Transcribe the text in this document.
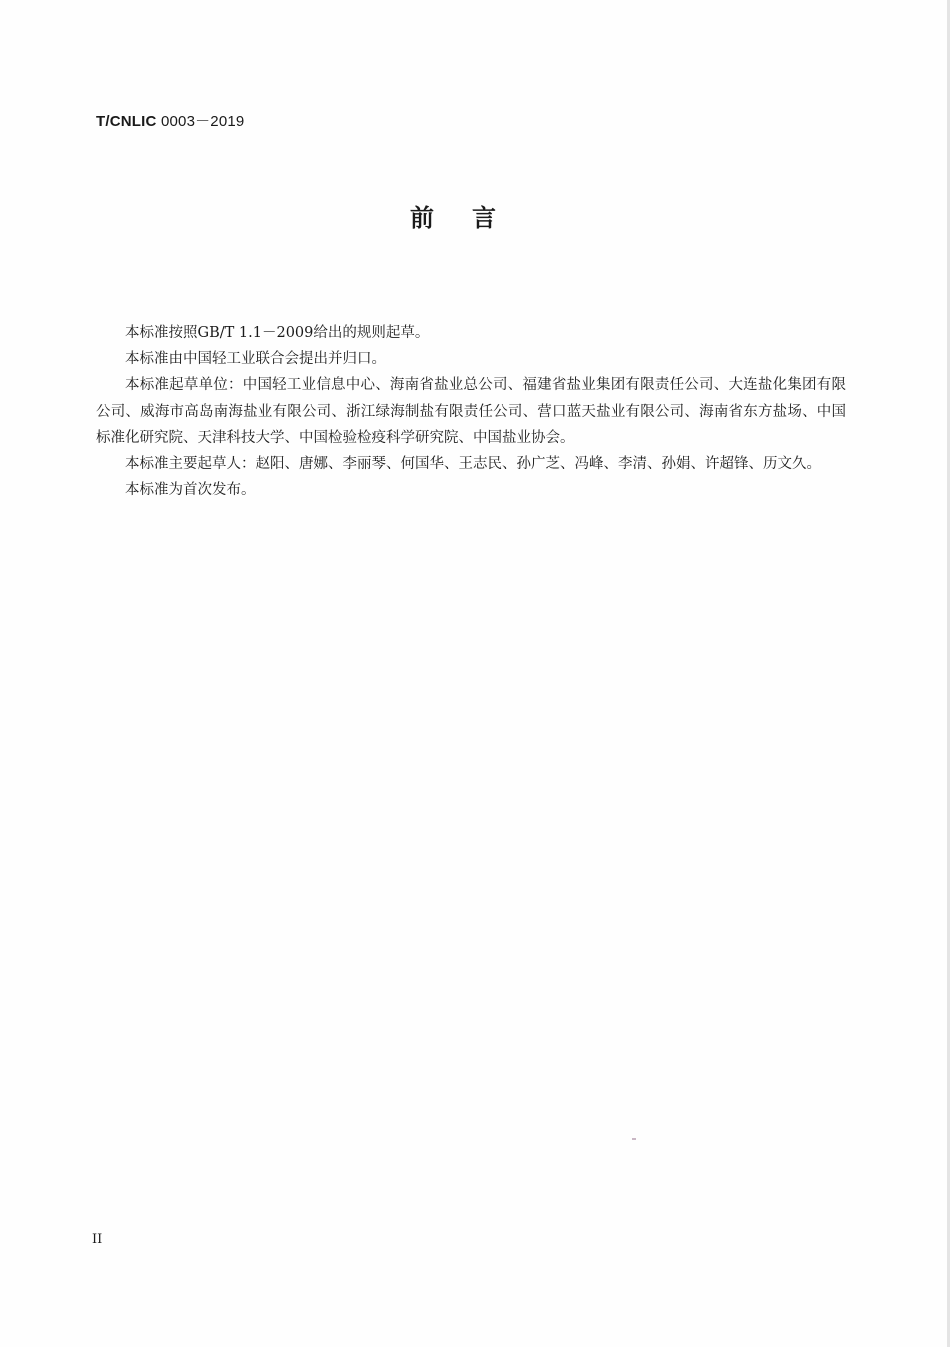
T/CNLIC 0003－2019
前言

本标准按照GB/T 1.1－2009给出的规则起草。

本标准由中国轻工业联合会提出并归口。

本标准起草单位：中国轻工业信息中心、海南省盐业总公司、福建省盐业集团有限责任公司、大连盐化集团有限公司、威海市高岛南海盐业有限公司、浙江绿海制盐有限责任公司、营口蓝天盐业有限公司、海南省东方盐场、中国标准化研究院、天津科技大学、中国检验检疫科学研究院、中国盐业协会。

本标准主要起草人：赵阳、唐娜、李丽琴、何国华、王志民、孙广芝、冯峰、李清、孙娟、许超锋、历文久。

本标准为首次发布。

II
